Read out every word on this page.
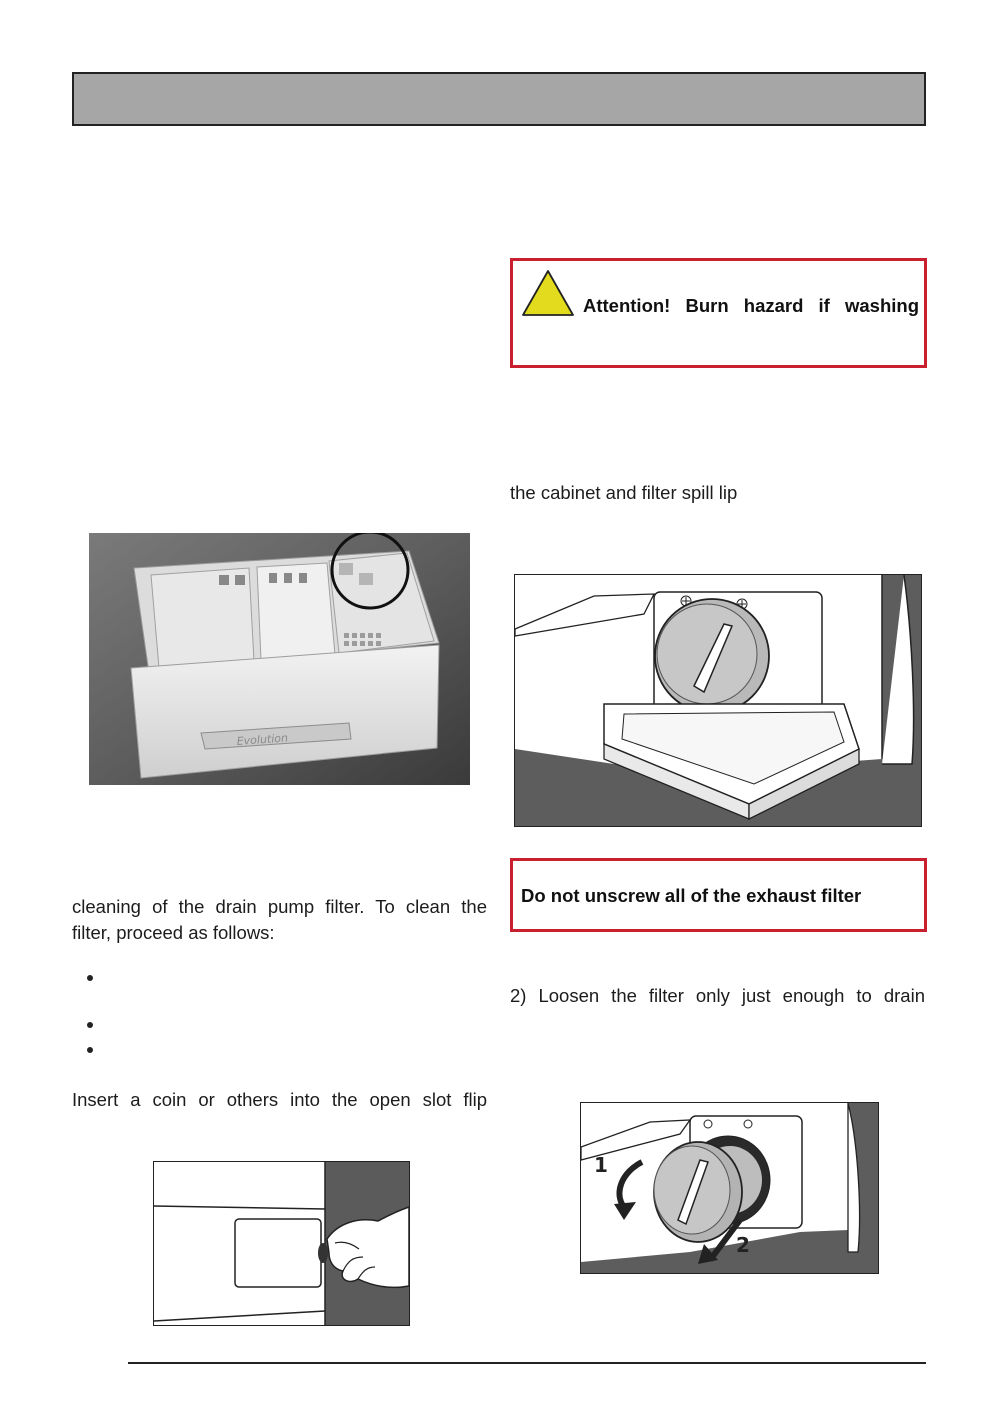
Evolution
cleaning of the drain pump filter. To clean the
filter, proceed as follows:
Insert a coin or others into the open slot flip
Attention! Burn hazard if washing
the cabinet and filter spill lip
Do not unscrew all of the exhaust filter
2) Loosen the filter only just enough to drain
1
2
